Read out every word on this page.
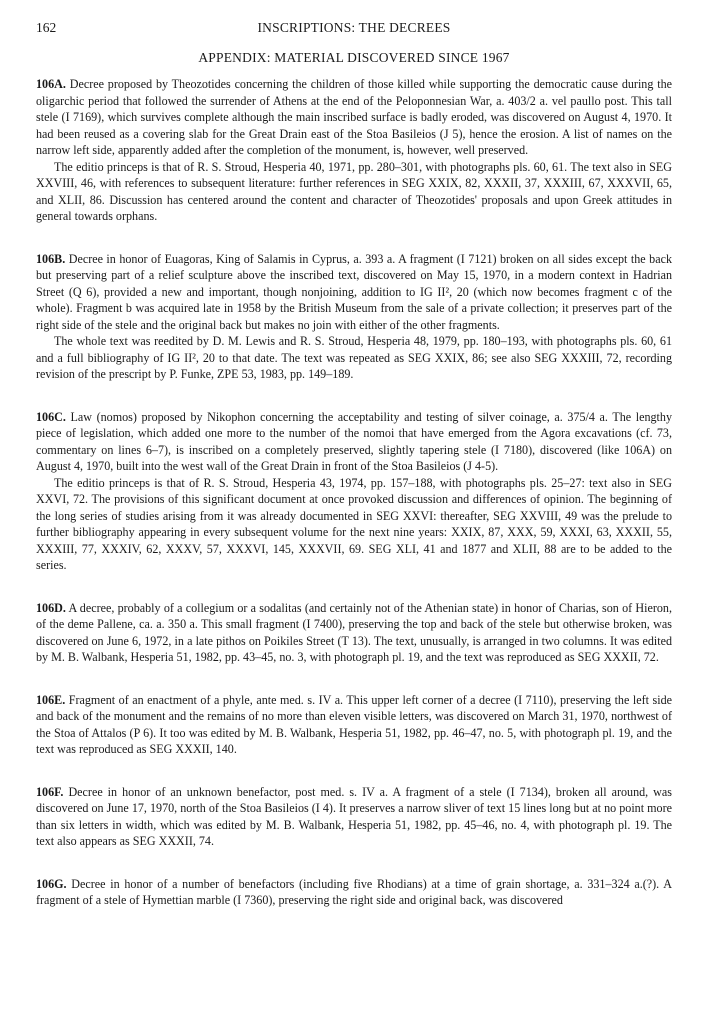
162	INSCRIPTIONS: THE DECREES
APPENDIX: MATERIAL DISCOVERED SINCE 1967

106A. Decree proposed by Theozotides concerning the children of those killed while supporting the democratic cause during the oligarchic period that followed the surrender of Athens at the end of the Peloponnesian War, a. 403/2 a. vel paullo post. This tall stele (I 7169), which survives complete although the main inscribed surface is badly eroded, was discovered on August 4, 1970. It had been reused as a covering slab for the Great Drain east of the Stoa Basileios (J 5), hence the erosion. A list of names on the narrow left side, apparently added after the completion of the monument, is, however, well preserved.

The editio princeps is that of R. S. Stroud, Hesperia 40, 1971, pp. 280–301, with photographs pls. 60, 61. The text also in SEG XXVIII, 46, with references to subsequent literature: further references in SEG XXIX, 82, XXXII, 37, XXXIII, 67, XXXVII, 65, and XLII, 86. Discussion has centered around the content and character of Theozotides' proposals and upon Greek attitudes in general towards orphans.

106B. Decree in honor of Euagoras, King of Salamis in Cyprus, a. 393 a. A fragment (I 7121) broken on all sides except the back but preserving part of a relief sculpture above the inscribed text, discovered on May 15, 1970, in a modern context in Hadrian Street (Q 6), provided a new and important, though nonjoining, addition to IG II², 20 (which now becomes fragment c of the whole). Fragment b was acquired late in 1958 by the British Museum from the sale of a private collection; it preserves part of the right side of the stele and the original back but makes no join with either of the other fragments.

The whole text was reedited by D. M. Lewis and R. S. Stroud, Hesperia 48, 1979, pp. 180–193, with photographs pls. 60, 61 and a full bibliography of IG II², 20 to that date. The text was repeated as SEG XXIX, 86; see also SEG XXXIII, 72, recording revision of the prescript by P. Funke, ZPE 53, 1983, pp. 149–189.

106C. Law (nomos) proposed by Nikophon concerning the acceptability and testing of silver coinage, a. 375/4 a. The lengthy piece of legislation, which added one more to the number of the nomoi that have emerged from the Agora excavations (cf. 73, commentary on lines 6–7), is inscribed on a completely preserved, slightly tapering stele (I 7180), discovered (like 106A) on August 4, 1970, built into the west wall of the Great Drain in front of the Stoa Basileios (J 4-5).

The editio princeps is that of R. S. Stroud, Hesperia 43, 1974, pp. 157–188, with photographs pls. 25–27: text also in SEG XXVI, 72. The provisions of this significant document at once provoked discussion and differences of opinion. The beginning of the long series of studies arising from it was already documented in SEG XXVI: thereafter, SEG XXVIII, 49 was the prelude to further bibliography appearing in every subsequent volume for the next nine years: XXIX, 87, XXX, 59, XXXI, 63, XXXII, 55, XXXIII, 77, XXXIV, 62, XXXV, 57, XXXVI, 145, XXXVII, 69. SEG XLI, 41 and 1877 and XLII, 88 are to be added to the series.

106D. A decree, probably of a collegium or a sodalitas (and certainly not of the Athenian state) in honor of Charias, son of Hieron, of the deme Pallene, ca. a. 350 a. This small fragment (I 7400), preserving the top and back of the stele but otherwise broken, was discovered on June 6, 1972, in a late pithos on Poikiles Street (T 13). The text, unusually, is arranged in two columns. It was edited by M. B. Walbank, Hesperia 51, 1982, pp. 43–45, no. 3, with photograph pl. 19, and the text was reproduced as SEG XXXII, 72.

106E. Fragment of an enactment of a phyle, ante med. s. IV a. This upper left corner of a decree (I 7110), preserving the left side and back of the monument and the remains of no more than eleven visible letters, was discovered on March 31, 1970, northwest of the Stoa of Attalos (P 6). It too was edited by M. B. Walbank, Hesperia 51, 1982, pp. 46–47, no. 5, with photograph pl. 19, and the text was reproduced as SEG XXXII, 140.

106F. Decree in honor of an unknown benefactor, post med. s. IV a. A fragment of a stele (I 7134), broken all around, was discovered on June 17, 1970, north of the Stoa Basileios (I 4). It preserves a narrow sliver of text 15 lines long but at no point more than six letters in width, which was edited by M. B. Walbank, Hesperia 51, 1982, pp. 45–46, no. 4, with photograph pl. 19. The text also appears as SEG XXXII, 74.

106G. Decree in honor of a number of benefactors (including five Rhodians) at a time of grain shortage, a. 331–324 a.(?). A fragment of a stele of Hymettian marble (I 7360), preserving the right side and original back, was discovered
